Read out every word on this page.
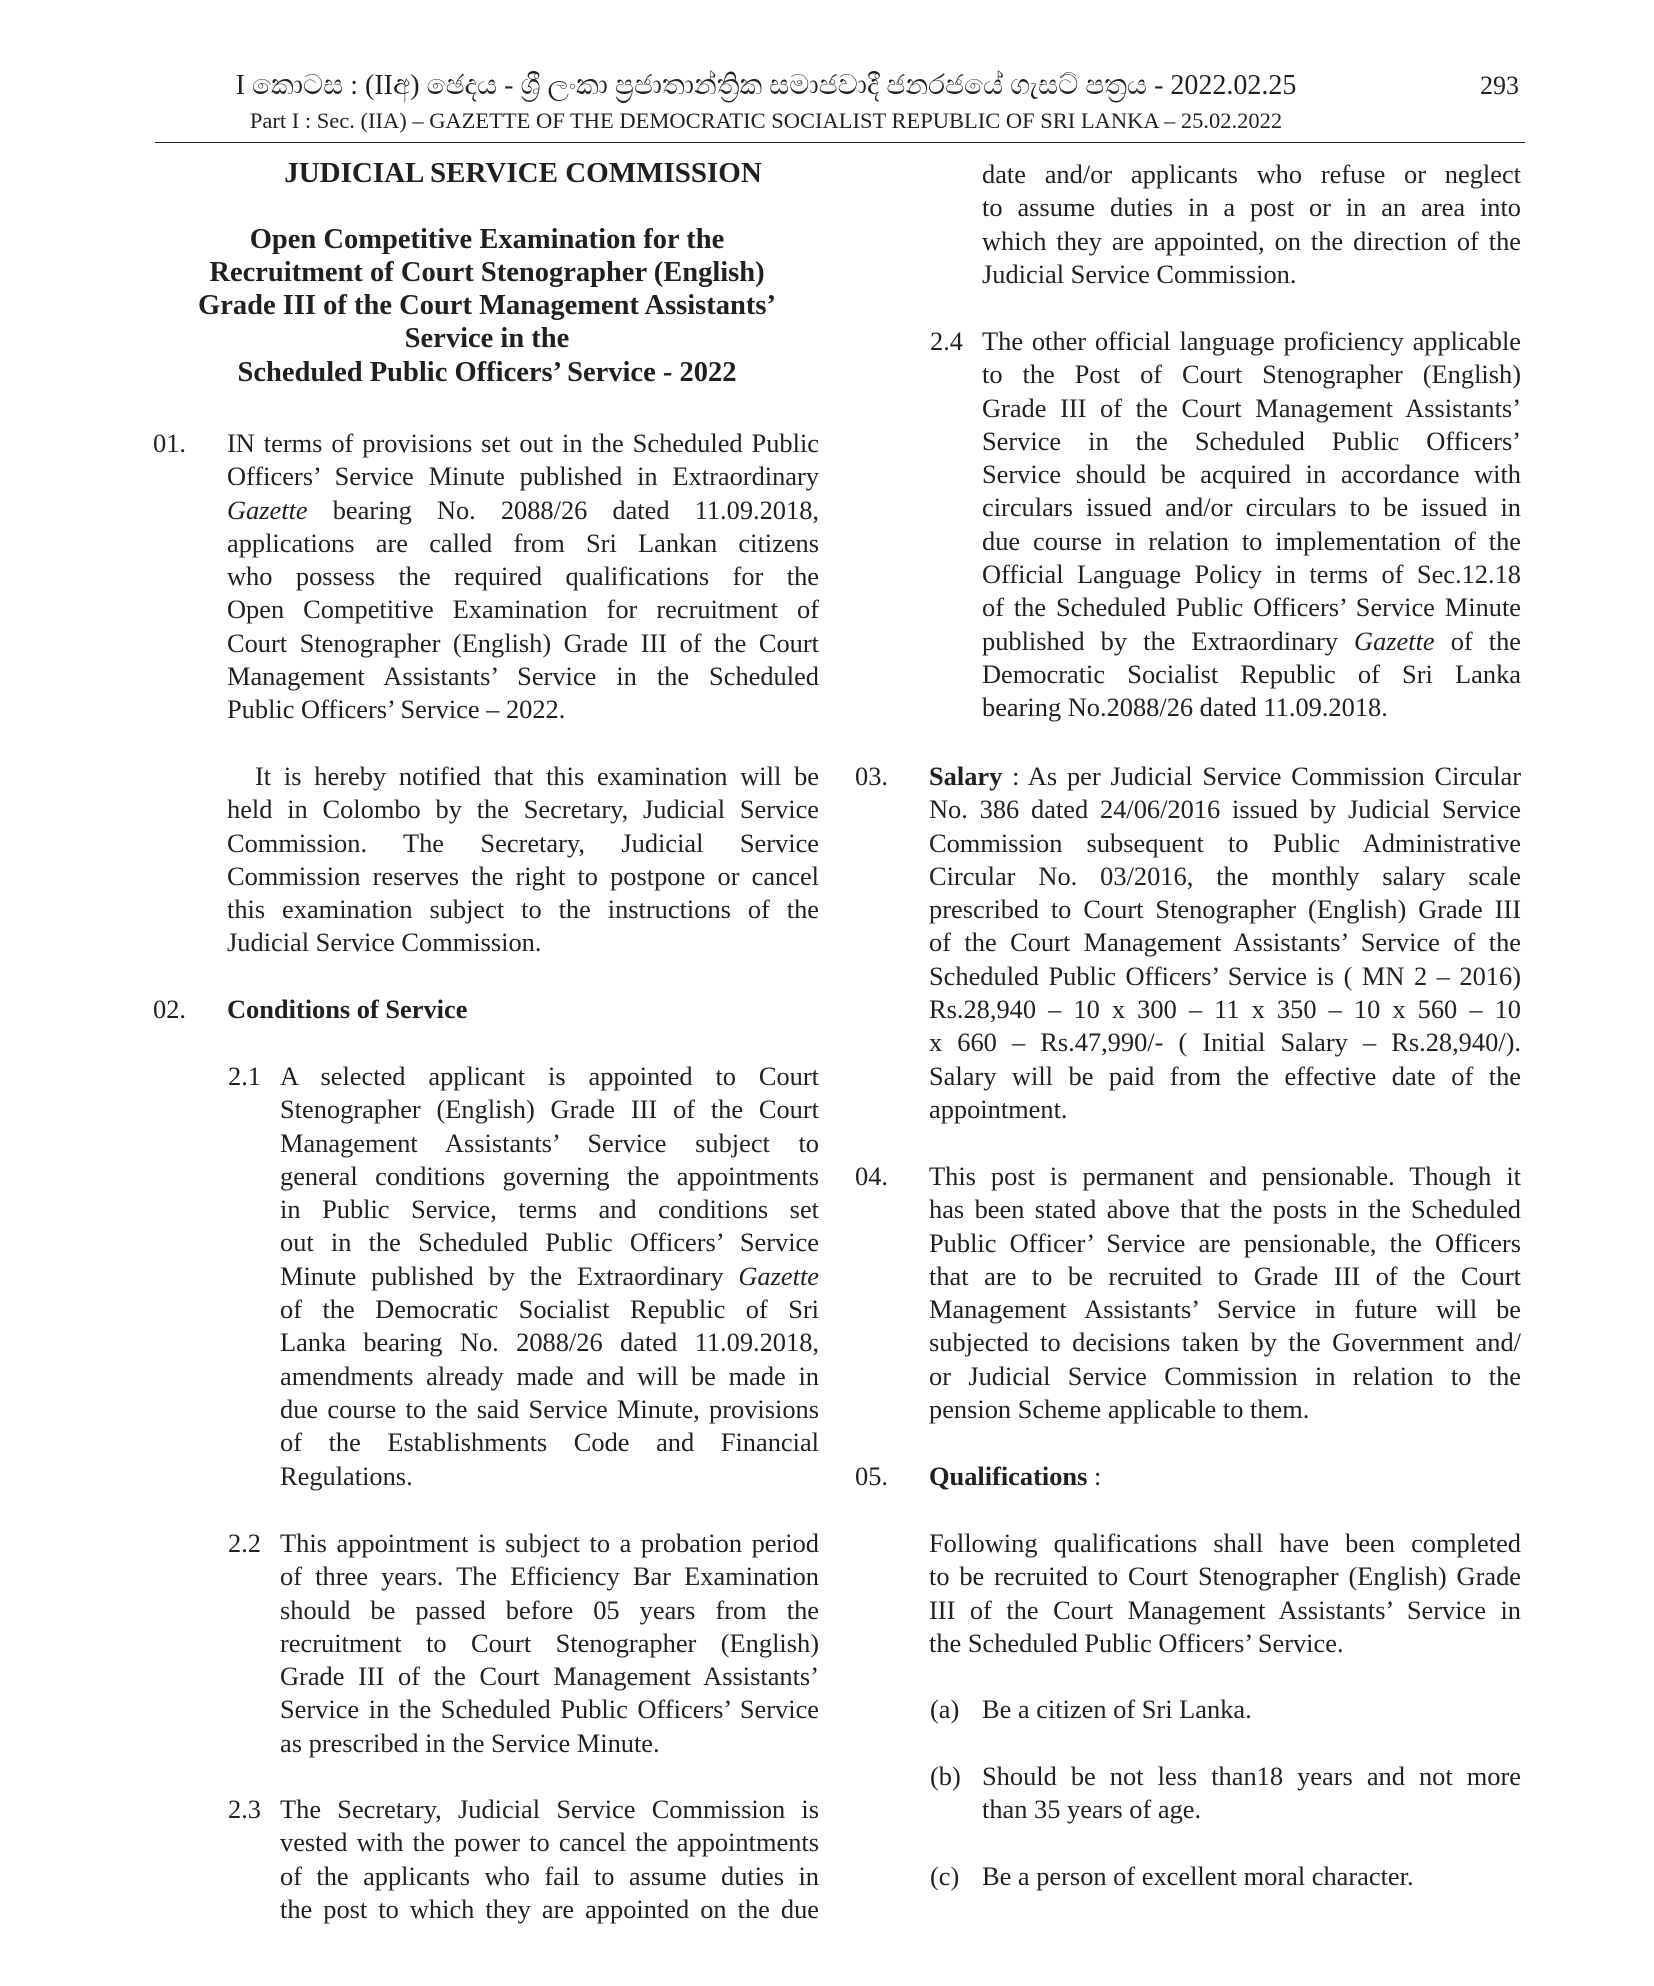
I කොටස : (IIඅ) ඡෙදය - ශ්‍රී ලංකා ප්‍රජාතාන්ත්‍රික සමාජවාදී ජනරජයේ ගැසට් පත්‍රය - 2022.02.25
Part I : Sec. (IIA) – GAZETTE OF THE DEMOCRATIC SOCIALIST REPUBLIC OF SRI LANKA – 25.02.2022
293
JUDICIAL SERVICE COMMISSION
Open Competitive Examination for the
Recruitment of Court Stenographer (English)
Grade III of the Court Management Assistants’
Service in the
Scheduled Public Officers’ Service - 2022
01. IN terms of provisions set out in the Scheduled Public
Officers’ Service Minute published in Extraordinary
Gazette bearing No. 2088/26 dated 11.09.2018,
applications are called from Sri Lankan citizens
who possess the required qualifications for the
Open Competitive Examination for recruitment of
Court Stenographer (English) Grade III of the Court
Management Assistants’ Service in the Scheduled
Public Officers’ Service – 2022.
It is hereby notified that this examination will be
held in Colombo by the Secretary, Judicial Service
Commission. The Secretary, Judicial Service
Commission reserves the right to postpone or cancel
this examination subject to the instructions of the
Judicial Service Commission.
02. Conditions of Service
2.1 A selected applicant is appointed to Court
Stenographer (English) Grade III of the Court
Management Assistants’ Service subject to
general conditions governing the appointments
in Public Service, terms and conditions set
out in the Scheduled Public Officers’ Service
Minute published by the Extraordinary Gazette
of the Democratic Socialist Republic of Sri
Lanka bearing No. 2088/26 dated 11.09.2018,
amendments already made and will be made in
due course to the said Service Minute, provisions
of the Establishments Code and Financial
Regulations.
2.2 This appointment is subject to a probation period
of three years. The Efficiency Bar Examination
should be passed before 05 years from the
recruitment to Court Stenographer (English)
Grade III of the Court Management Assistants’
Service in the Scheduled Public Officers’ Service
as prescribed in the Service Minute.
2.3 The Secretary, Judicial Service Commission is
vested with the power to cancel the appointments
of the applicants who fail to assume duties in
the post to which they are appointed on the due
date and/or applicants who refuse or neglect
to assume duties in a post or in an area into
which they are appointed, on the direction of the
Judicial Service Commission.
2.4 The other official language proficiency applicable
to the Post of Court Stenographer (English)
Grade III of the Court Management Assistants’
Service in the Scheduled Public Officers’
Service should be acquired in accordance with
circulars issued and/or circulars to be issued in
due course in relation to implementation of the
Official Language Policy in terms of Sec.12.18
of the Scheduled Public Officers’ Service Minute
published by the Extraordinary Gazette of the
Democratic Socialist Republic of Sri Lanka
bearing No.2088/26 dated 11.09.2018.
03. Salary : As per Judicial Service Commission Circular
No. 386 dated 24/06/2016 issued by Judicial Service
Commission subsequent to Public Administrative
Circular No. 03/2016, the monthly salary scale
prescribed to Court Stenographer (English) Grade III
of the Court Management Assistants’ Service of the
Scheduled Public Officers’ Service is ( MN 2 – 2016)
Rs.28,940 – 10 x 300 – 11 x 350 – 10 x 560 – 10
x 660 – Rs.47,990/- ( Initial Salary – Rs.28,940/).
Salary will be paid from the effective date of the
appointment.
04. This post is permanent and pensionable. Though it
has been stated above that the posts in the Scheduled
Public Officer’ Service are pensionable, the Officers
that are to be recruited to Grade III of the Court
Management Assistants’ Service in future will be
subjected to decisions taken by the Government and/
or Judicial Service Commission in relation to the
pension Scheme applicable to them.
05. Qualifications :
Following qualifications shall have been completed
to be recruited to Court Stenographer (English) Grade
III of the Court Management Assistants’ Service in
the Scheduled Public Officers’ Service.
(a) Be a citizen of Sri Lanka.
(b) Should be not less than18 years and not more
than 35 years of age.
(c) Be a person of excellent moral character.
